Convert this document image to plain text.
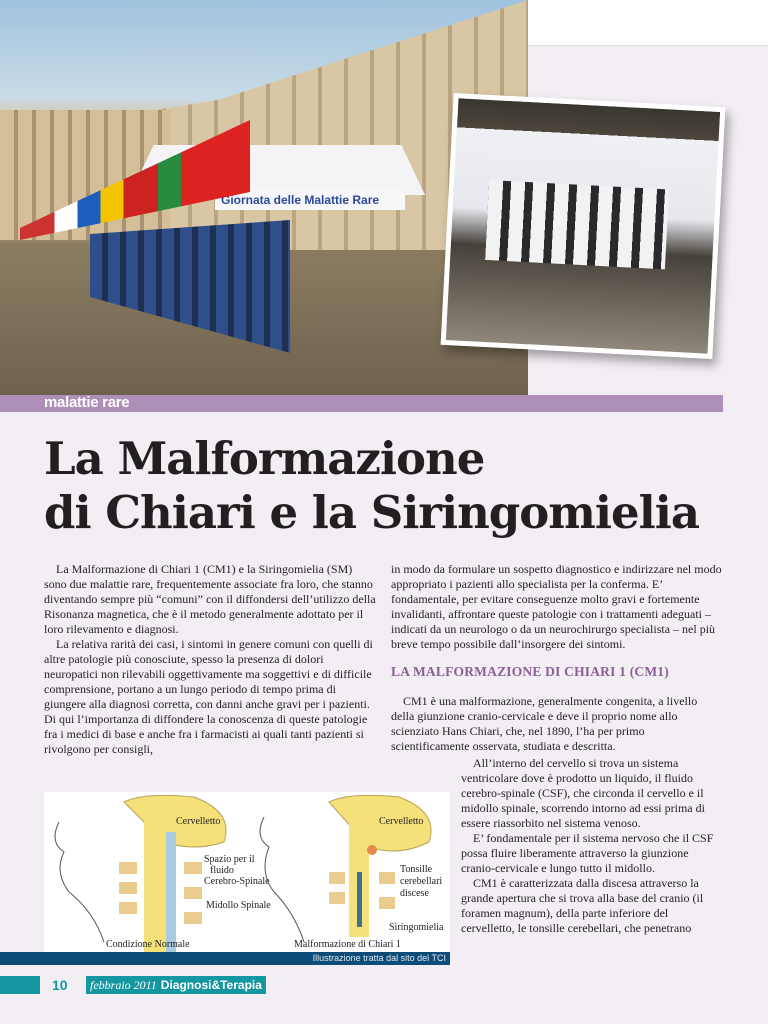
Giornata delle Malattie Rare
malattie rare
La Malformazione
di Chiari e la Siringomielia

La Malformazione di Chiari 1 (CM1) e la Siringomielia (SM) sono due malattie rare, frequentemente associate fra loro, che stanno diventando sempre più “comuni” con il diffondersi dell’utilizzo della Risonanza magnetica, che è il metodo generalmente adottato per il loro rilevamento e diagnosi.

La relativa rarità dei casi, i sintomi in genere comuni con quelli di altre patologie più conosciute, spesso la presenza di dolori neuropatici non rilevabili oggettivamente ma soggettivi e di difficile comprensione, portano a un lungo periodo di tempo prima di giungere alla diagnosi corretta, con danni anche gravi per i pazienti. Di qui l’importanza di diffondere la conoscenza di queste patologie fra i medici di base e anche fra i farmacisti ai quali tanti pazienti si rivolgono per consigli,

in modo da formulare un sospetto diagnostico e indirizzare nel modo appropriato i pazienti allo specialista per la conferma. E’ fondamentale, per evitare conseguenze molto gravi e fortemente invalidanti, affrontare queste patologie con i trattamenti adeguati – indicati da un neurologo o da un neurochirurgo specialista – nel più breve tempo possibile dall’insorgere dei sintomi.

LA MALFORMAZIONE DI CHIARI 1 (CM1)

CM1 è una malformazione, generalmente congenita, a livello della giunzione cranio-cervicale e deve il proprio nome allo scienziato Hans Chiari, che, nel 1890, l’ha per primo scientificamente osservata, studiata e descritta.

All’interno del cervello si trova un sistema ventricolare dove è prodotto un liquido, il fluido cerebro-spinale (CSF), che circonda il cervello e il midollo spinale, scorrendo intorno ad essi prima di essere riassorbito nel sistema venoso.

E’ fondamentale per il sistema nervoso che il CSF possa fluire liberamente attraverso la giunzione cranio-cervicale e lungo tutto il midollo.

CM1 è caratterizzata dalla discesa attraverso la grande apertura che si trova alla base del cranio (il foramen magnum), della parte inferiore del cervelletto, le tonsille cerebellari, che penetrano

Cervelletto
Spazio per il
fluido
Cerebro-Spinale
Midollo Spinale
Condizione Normale
Cervelletto
Tonsille
cerebellari
discese
Siringomielia
Malformazione di Chiari 1
Illustrazione tratta dal sito del TCI
10	febbraio 2011 Diagnosi&Terapia
